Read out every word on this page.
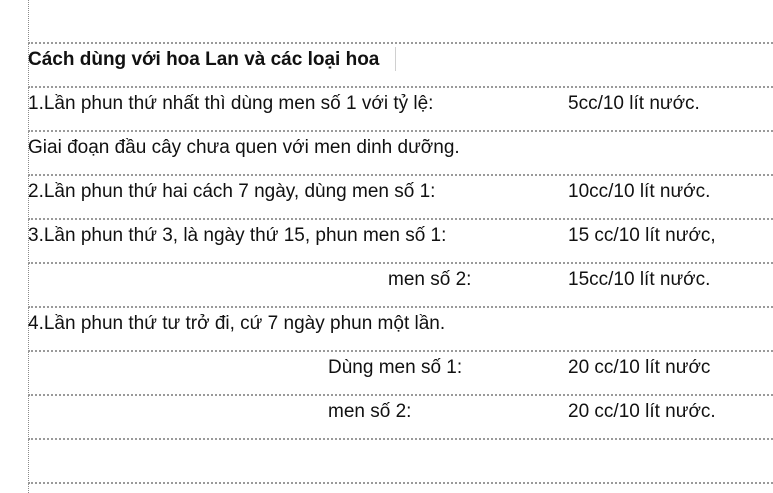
Cách dùng với hoa Lan và các loại hoa
1.Lần phun thứ nhất thì dùng men số 1 với tỷ lệ:	5cc/10 lít nước.
Giai đoạn đầu cây chưa quen với men dinh dưỡng.
2.Lần phun thứ hai cách 7 ngày, dùng men số 1:	10cc/10 lít nước.
3.Lần phun thứ 3, là ngày thứ 15, phun men số 1:	15 cc/10 lít nước,
men số 2:	15cc/10 lít nước.
4.Lần phun thứ tư trở đi, cứ 7 ngày phun một lần.
Dùng men số 1:	20 cc/10 lít nước
men số 2:	20 cc/10 lít nước.
